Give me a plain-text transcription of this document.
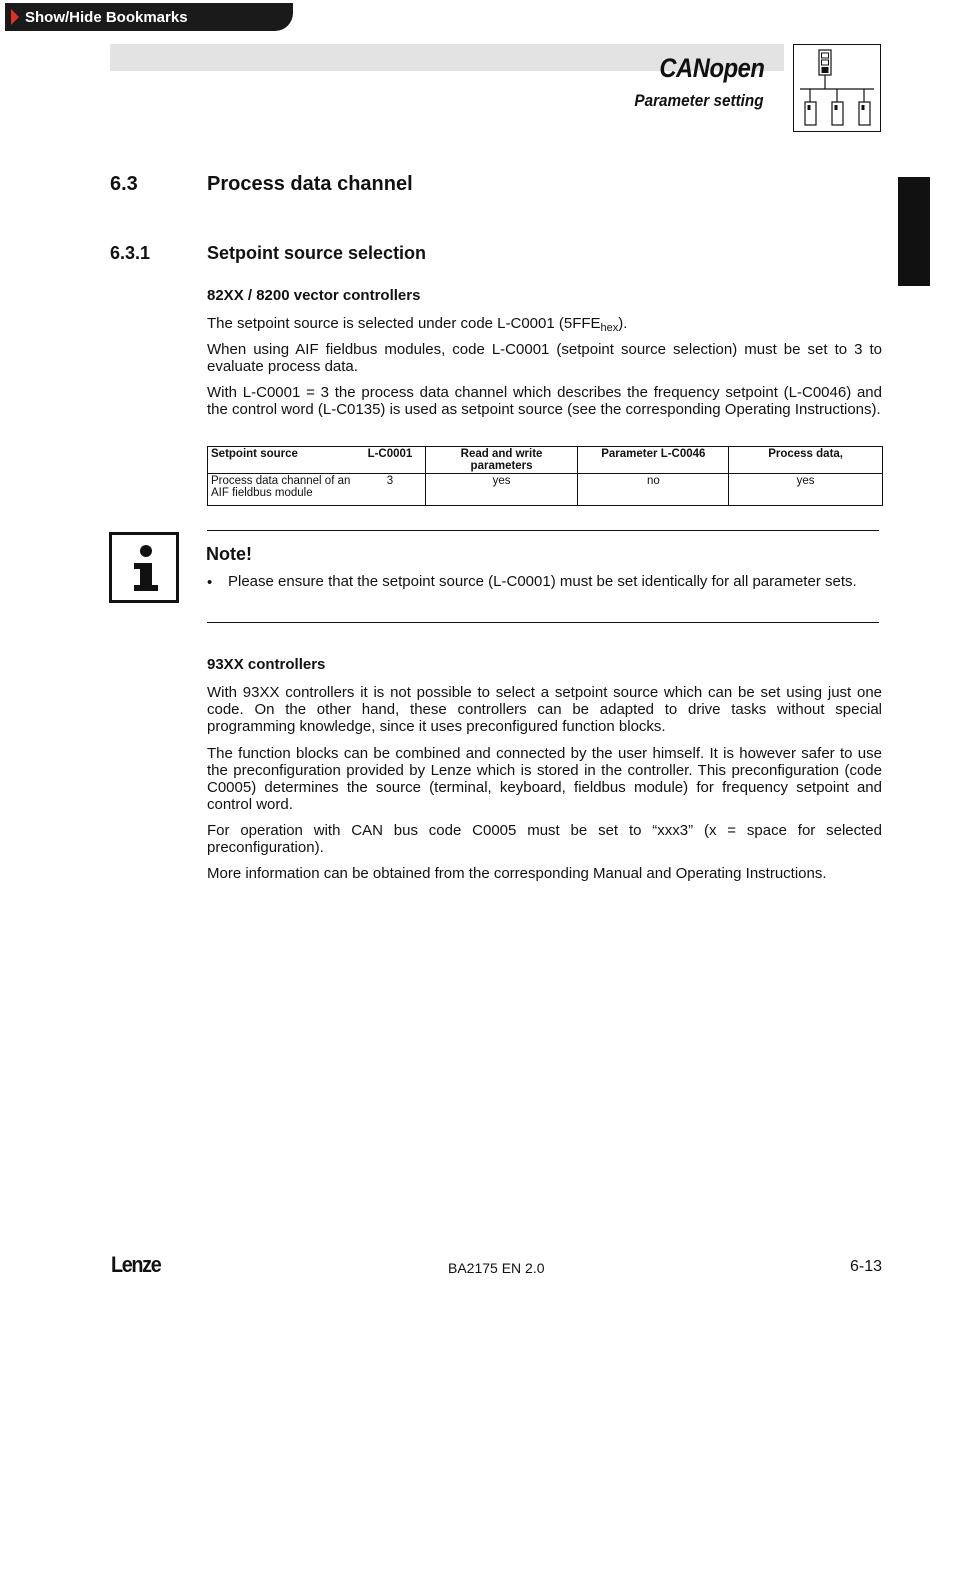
Show/Hide Bookmarks
CANopen
Parameter setting
6.3	Process data channel
6.3.1	Setpoint source selection
82XX / 8200 vector controllers

The setpoint source is selected under code L-C0001 $(5FFE_{hex})$.

When using AIF fieldbus modules, code L-C0001 (setpoint source selection) must be set to 3 to evaluate process data.

With L-C0001 = 3 the process data channel which describes the frequency setpoint (L-C0046) and the control word (L-C0135) is used as setpoint source (see the corresponding Operating Instructions).

Setpoint source	L-C0001	Read and write parameters	Parameter L-C0046	Process data,
Process data channel of an AIF fieldbus module	3	yes	no	yes
Note!
• Please ensure that the setpoint source (L-C0001) must be set identically for all parameter sets.

93XX controllers

With 93XX controllers it is not possible to select a setpoint source which can be set using just one code. On the other hand, these controllers can be adapted to drive tasks without special programming knowledge, since it uses preconfigured function blocks.

The function blocks can be combined and connected by the user himself. It is however safer to use the preconfiguration provided by Lenze which is stored in the controller. This preconfiguration (code C0005) determines the source (terminal, keyboard, fieldbus module) for frequency setpoint and control word.

For operation with CAN bus code C0005 must be set to “xxx3” (x = space for selected preconfiguration).

More information can be obtained from the corresponding Manual and Operating Instructions.

Lenze	BA2175 EN 2.0	6-13
